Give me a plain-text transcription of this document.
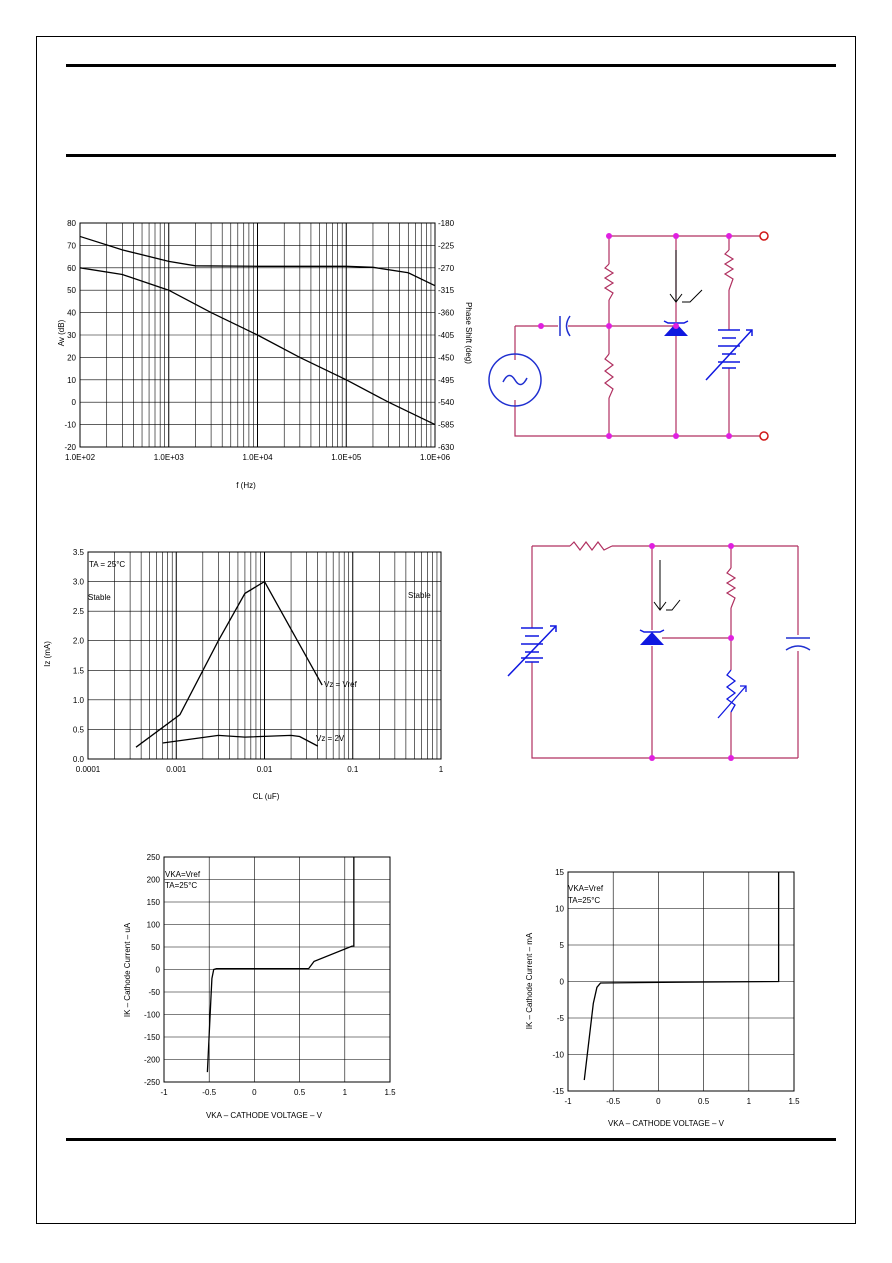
Av (dB)	Phase Shift (deg)
f (Hz)
80
70
60
50
40
30
20
10
0
-10
-20
-180
-225
-270
-315
-360
-405
-450
-495
-540
-585
-630
1.0E+02	1.0E+03	1.0E+04	1.0E+05	1.0E+06
Iz (mA)
CL (uF)
TA = 25°C
Stable	Stable
Vz = Vref
Vz = 2V
3.5
3.0
2.5
2.0
1.5
1.0
0.5
0.0
0.0001	0.001	0.01	0.1	1
IK – Cathode Current – uA
VKA – CATHODE VOLTAGE – V
VKA=Vref
TA=25°C
250
200
150
100
50
0
-50
-100
-150
-200
-250
-1	-0.5	0	0.5	1	1.5
IK – Cathode Current – mA
VKA – CATHODE VOLTAGE – V
VKA=Vref
TA=25°C
15
10
5
0
-5
-10
-15
-1	-0.5	0	0.5	1	1.5
